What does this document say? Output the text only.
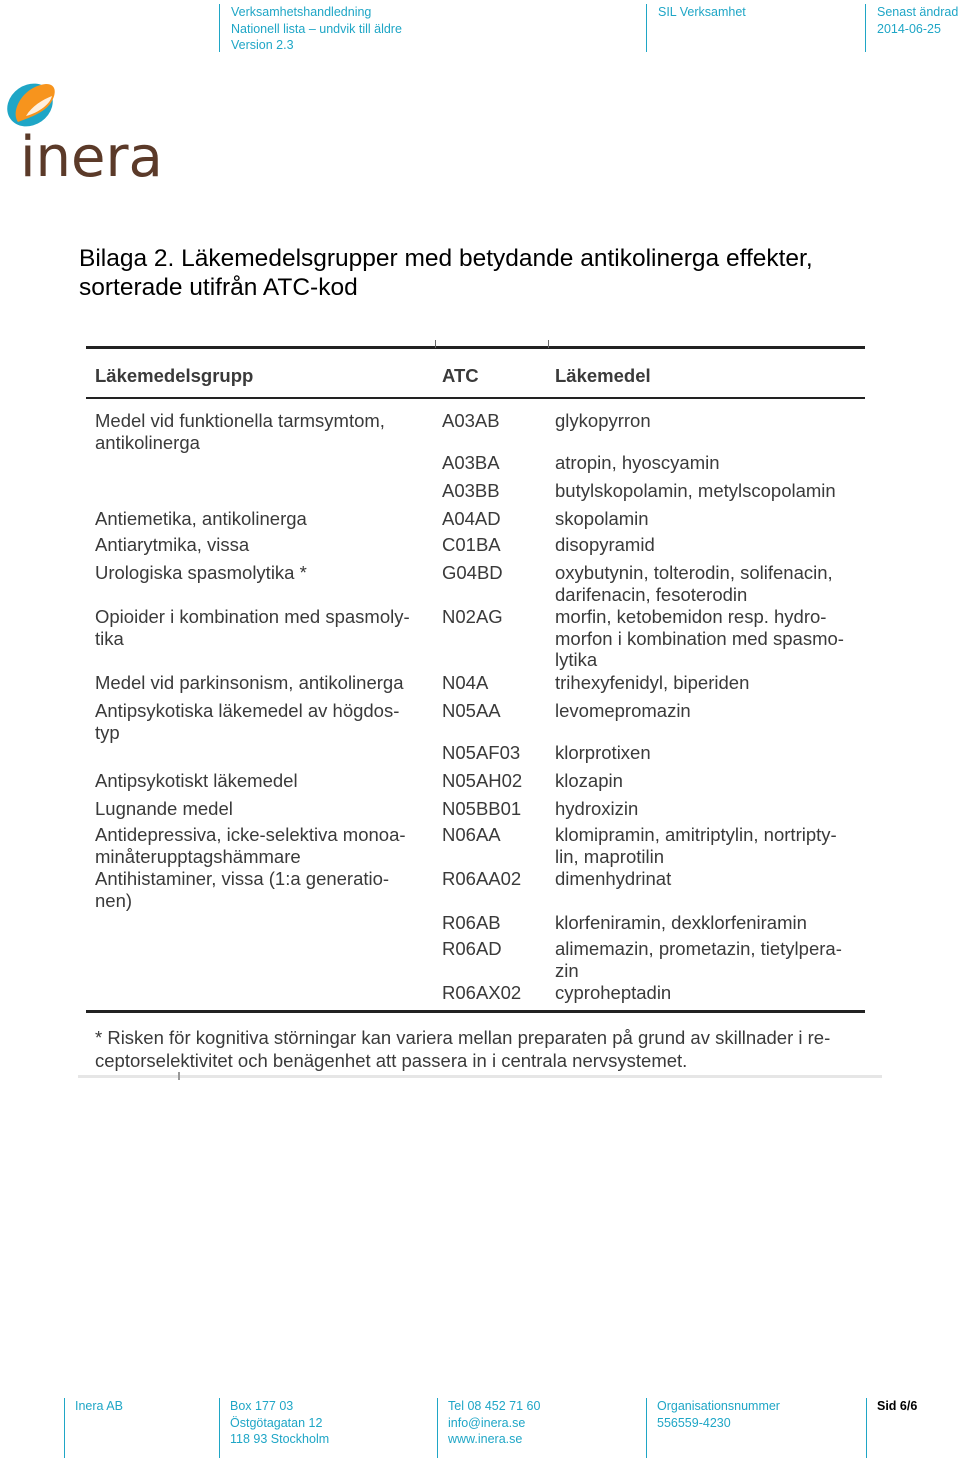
Verksamhetshandledning
Nationell lista – undvik till äldre
Version 2.3
SIL Verksamhet	Senast ändrad
2014-06-25
inera
Bilaga 2. Läkemedelsgrupper med betydande antikolinerga effekter,
sorterade utifrån ATC-kod
Läkemedelsgrupp	ATC	Läkemedel
Medel vid funktionella tarmsymtom,
antikolinerga
A03AB	glykopyrron
A03BA	atropin, hyoscyamin
A03BB	butylskopolamin, metylscopolamin
Antiemetika, antikolinerga	A04AD	skopolamin
Antiarytmika, vissa	C01BA	disopyramid
Urologiska spasmolytika *	G04BD	oxybutynin, tolterodin, solifenacin,
darifenacin, fesoterodin
Opioider i kombination med spasmoly-
tika
N02AG	morfin, ketobemidon resp. hydro-
morfon i kombination med spasmo-
lytika
Medel vid parkinsonism, antikolinerga	N04A	trihexyfenidyl, biperiden
Antipsykotiska läkemedel av högdos-
typ
N05AA	levomepromazin
N05AF03	klorprotixen
Antipsykotiskt läkemedel	N05AH02	klozapin
Lugnande medel	N05BB01	hydroxizin
Antidepressiva, icke-selektiva monoa-
minåterupptagshämmare
N06AA	klomipramin, amitriptylin, nortripty-
lin, maprotilin
Antihistaminer, vissa (1:a generatio-
nen)
R06AA02	dimenhydrinat
R06AB	klorfeniramin, dexklorfeniramin
R06AD	alimemazin, prometazin, tietylpera-
zin
R06AX02	cyproheptadin
* Risken för kognitiva störningar kan variera mellan preparaten på grund av skillnader i re-
ceptorselektivitet och benägenhet att passera in i centrala nervsystemet.
Inera AB	Box 177 03
Östgötagatan 12
118 93 Stockholm
Tel 08 452 71 60
info@inera.se
www.inera.se
Organisationsnummer
556559-4230
Sid 6/6
